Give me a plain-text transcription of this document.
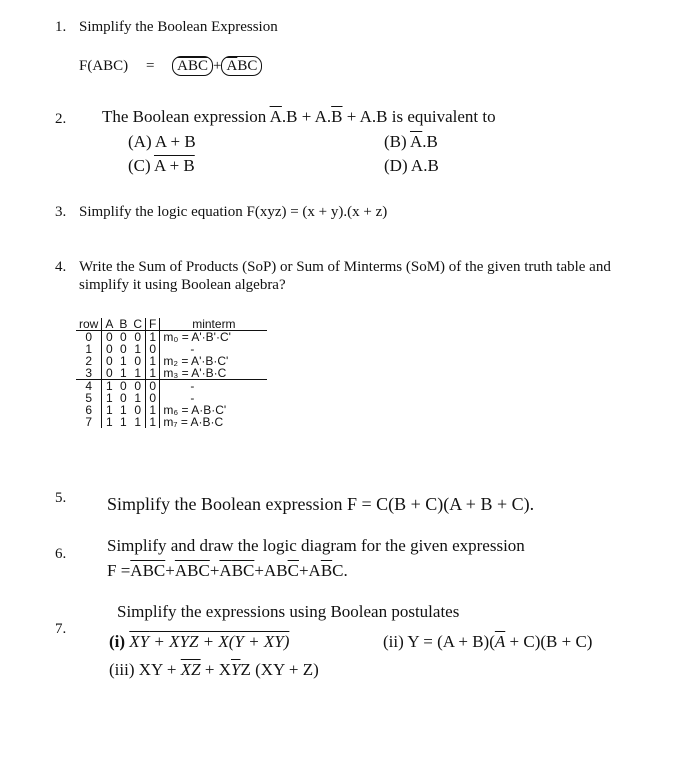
1. Simplify the Boolean Expression
$F(ABC) = \overline{ABC} + \overline{A}BC$
2. The Boolean expression $\overline{A}.B + A.\overline{B} + A.B$ is equivalent to
(A) A + B	(B) $\overline{A}.B$
(C) A + B	(D) A.B
3. Simplify the logic equation F(xyz) = (x + y).(x + z)
4. Write the Sum of Products (SoP) or Sum of Minterms (SoM) of the given truth table and
simplify it using Boolean algebra?
row	A	B	C	F	minterm
0	0	0	0	1	m₀ = A'·B'·C'
1	0	0	1	0	-
2	0	1	0	1	m₂ = A'·B·C'
3	0	1	1	1	m₃ = A'·B·C
4	1	0	0	0	-
5	1	0	1	0	-
6	1	1	0	1	m₆ = A·B·C'
7	1	1	1	1	m₇ = A·B·C
5. Simplify the Boolean expression F = C(B + C)(A + B + C).
6. Simplify and draw the logic diagram for the given expression
$F =\overline{ABC}+\overline{ABC}+\overline{A}\overline{BC}+AB\overline{C}+A\overline{B}C$.
7.
Simplify the expressions using Boolean postulates
(i) $\overline{XY}$ + XYZ + X(Y + XY)	(ii) $Y = (A + B)(\overline{A} + C)(B + C)$
(iii) XY + $\overline{XZ} + X\overline{Y}Z$ (XY + Z)
